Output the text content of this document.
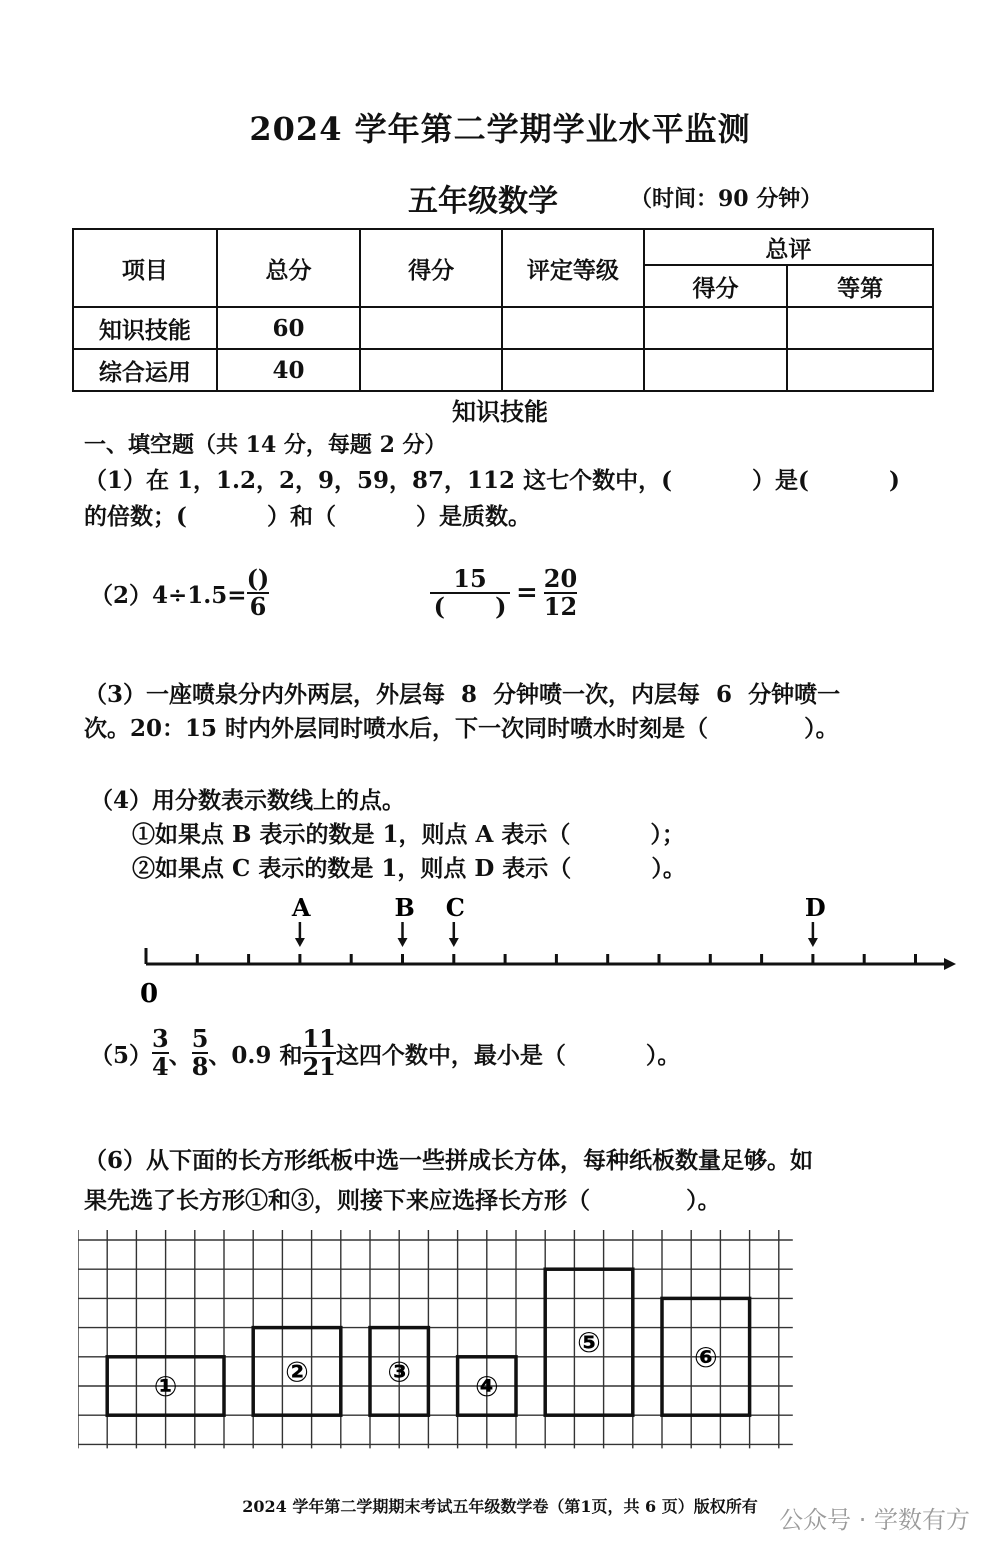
2024 学年第二学期学业水平监测
五年级数学	（时间：90 分钟）
项目	总分	得分	评定等级	总评	
				得分	等第
知识技能	60				
综合运用	40				
知识技能
一、填空题（共 14 分，每题 2 分）
（1）在 1，1.2，2，9，59，87，112 这七个数中，(          ）是(          )
的倍数；(          ）和（          ）是质数。
$(2)4\div 1.5= \frac{()}{6}$	$\frac{15}{( )} = \frac{20}{12}$
（3）一座喷泉分内外两层，外层每  8  分钟喷一次，内层每  6  分钟喷一
次。20：15 时内外层同时喷水后，下一次同时喷水时刻是（            ）。
（4）用分数表示数线上的点。
①如果点 B 表示的数是 1，则点 A 表示（          ）；
②如果点 C 表示的数是 1，则点 D 表示（          ）。
A	B C	D
0
$(5) \frac{3}{4}$ 、 $\frac{5}{8}$ 、0.9 和 $\frac{11}{21}$ 这四个数中，最小是（          ）。
（6）从下面的长方形纸板中选一些拼成长方体，每种纸板数量足够。如
果先选了长方形①和③，则接下来应选择长方形（            ）。
①	②	③ ④
⑤	⑥
2024 学年第二学期期末考试五年级数学卷（第1页，共 6 页）版权所有 公众号 · 学数有方
